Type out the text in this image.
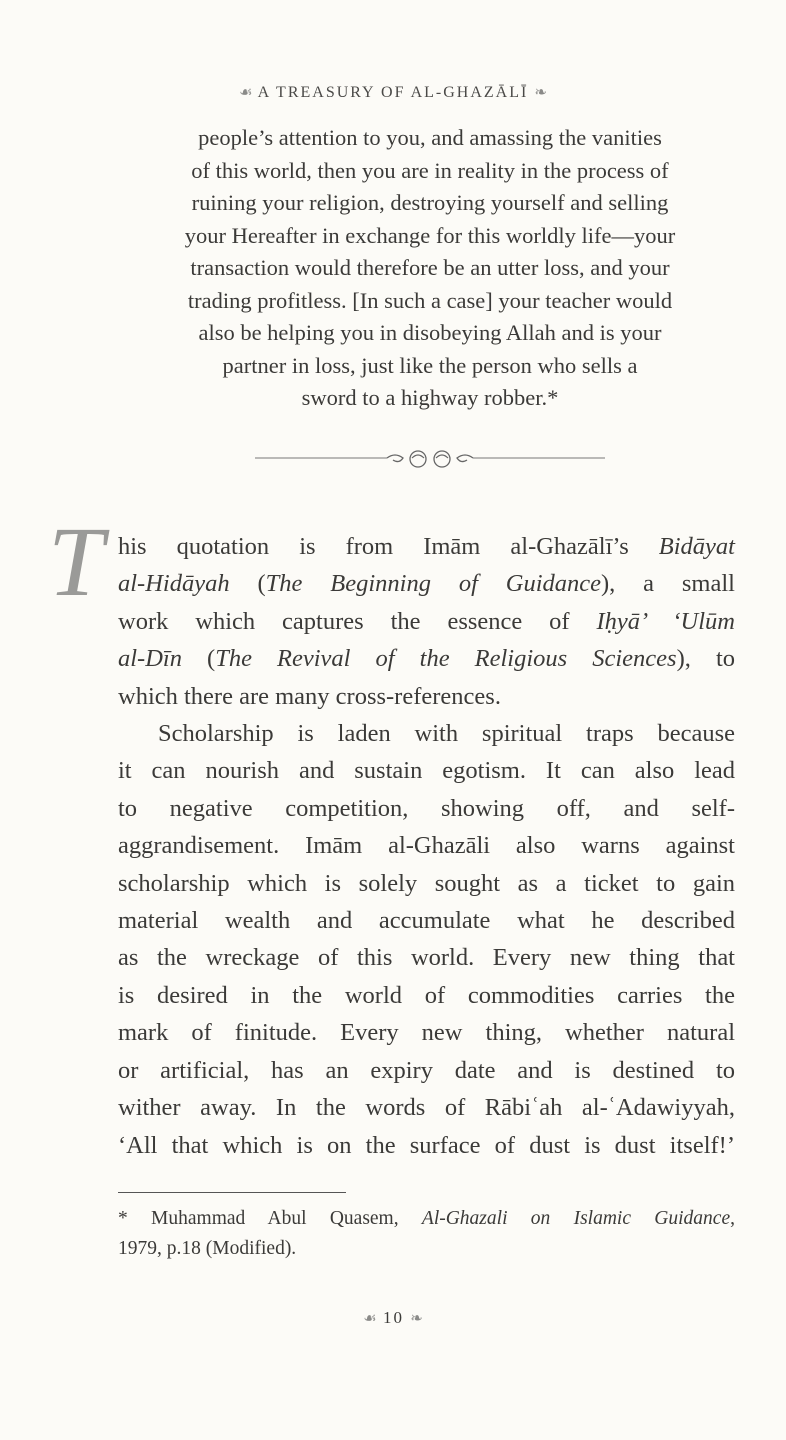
☙ A TREASURY OF AL-GHAZĀLĪ ❧
people’s attention to you, and amassing the vanities
of this world, then you are in reality in the process of
ruining your religion, destroying yourself and selling
your Hereafter in exchange for this worldly life—your
transaction would therefore be an utter loss, and your
trading profitless. [In such a case] your teacher would
also be helping you in disobeying Allah and is your
partner in loss, just like the person who sells a
sword to a highway robber.*
T his quotation is from Imām al-Ghazālī’s Bidāyat
al-Hidāyah (The Beginning of Guidance), a small
work which captures the essence of Iḥyā’ ‘Ulūm
al-Dīn (The Revival of the Religious Sciences), to
which there are many cross-references.
Scholarship is laden with spiritual traps because
it can nourish and sustain egotism. It can also lead
to negative competition, showing off, and self-
aggrandisement. Imām al-Ghazāli also warns against
scholarship which is solely sought as a ticket to gain
material wealth and accumulate what he described
as the wreckage of this world. Every new thing that
is desired in the world of commodities carries the
mark of finitude. Every new thing, whether natural
or artificial, has an expiry date and is destined to
wither away. In the words of Rābiʿah al-ʿAdawiyyah,
‘All that which is on the surface of dust is dust itself!’
* Muhammad Abul Quasem, Al-Ghazali on Islamic Guidance,
1979, p.18 (Modified).
☙ 10 ❧
